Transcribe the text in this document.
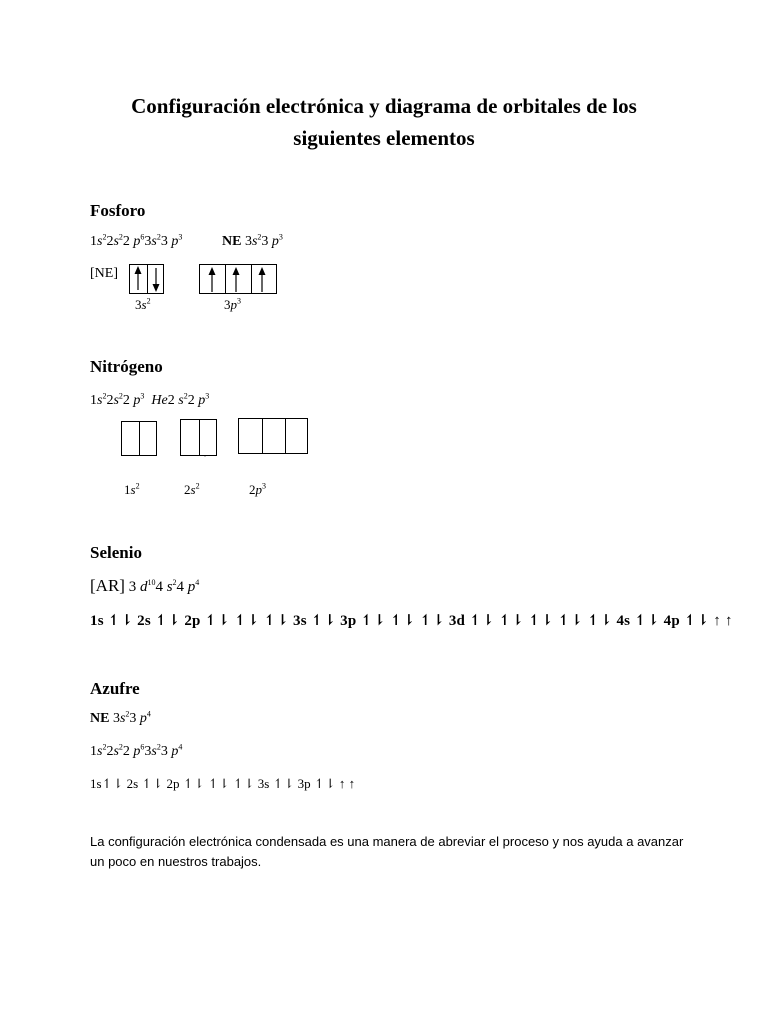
Configuración electrónica y diagrama de orbitales de los
siguientes elementos
Fosforo
$1s^22s^22$ $p^63s^23$ $p^3$	NE $3s^23$ $p^3$
[NE]
$3s^2$	$3p^3$
Nitrógeno
$1s^22s^22$ $p^3$ He2 $s^22$ $p^3$
$1s^2$	$2s^2$	$2p^3$
Selenio
[AR] 3 $d^{10}4$ $s^24$ $p^4$
1s ↿⇂ 2s ↿⇂ 2p ↿⇂ ↿⇂ ↿⇂ 3s ↿⇂ 3p ↿⇂ ↿⇂ ↿⇂ 3d ↿⇂ ↿⇂ ↿⇂ ↿⇂ ↿⇂ 4s ↿⇂ 4p ↿⇂ ↑ ↑
Azufre
NE $3s^23$ $p^4$
$1s^22s^22$ $p^63s^23$ $p^4$
1s↿⇂ 2s ↿⇂ 2p ↿⇂ ↿⇂ ↿⇂ 3s ↿⇂ 3p ↿⇂ ↑ ↑
La configuración electrónica condensada es una manera de abreviar el proceso y nos ayuda a avanzar un poco en nuestros trabajos.
